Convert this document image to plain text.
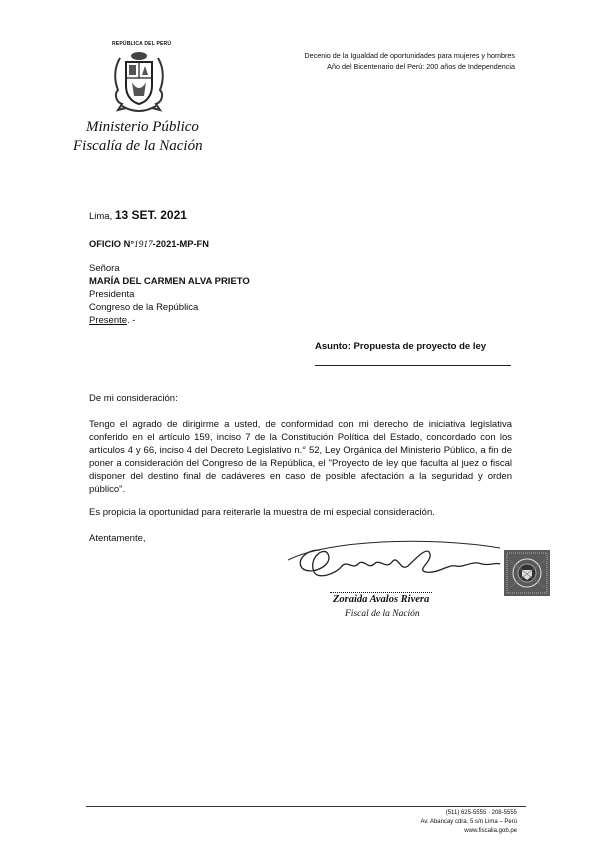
REPÚBLICA DEL PERÚ
Ministerio Público
Fiscalía de la Nación
Decenio de la Igualdad de oportunidades para mujeres y hombres
Año del Bicentenario del Perú: 200 años de Independencia
Lima, 13 SET. 2021
OFICIO N°1917-2021-MP-FN
Señora
MARÍA DEL CARMEN ALVA PRIETO
Presidenta
Congreso de la República
Presente. -
Asunto: Propuesta de proyecto de ley
De mi consideración:
Tengo el agrado de dirigirme a usted, de conformidad con mi derecho de iniciativa legislativa conferido en el artículo 159, inciso 7 de la Constitución Política del Estado, concordado con los artículos 4 y 66, inciso 4 del Decreto Legislativo n.° 52, Ley Orgánica del Ministerio Público, a fin de poner a consideración del Congreso de la República, el "Proyecto de ley que faculta al juez o fiscal disponer del destino final de cadáveres en caso de posible afectación a la seguridad y orden público".
Es propicia la oportunidad para reiterarle la muestra de mi especial consideración.
Atentamente,
Zoraida Avalos Rivera
Fiscal de la Nación
(511) 625-5555 · 208-5555
Av. Abancay cdra. 5 s/n Lima – Perú
www.fiscalia.gob.pe
